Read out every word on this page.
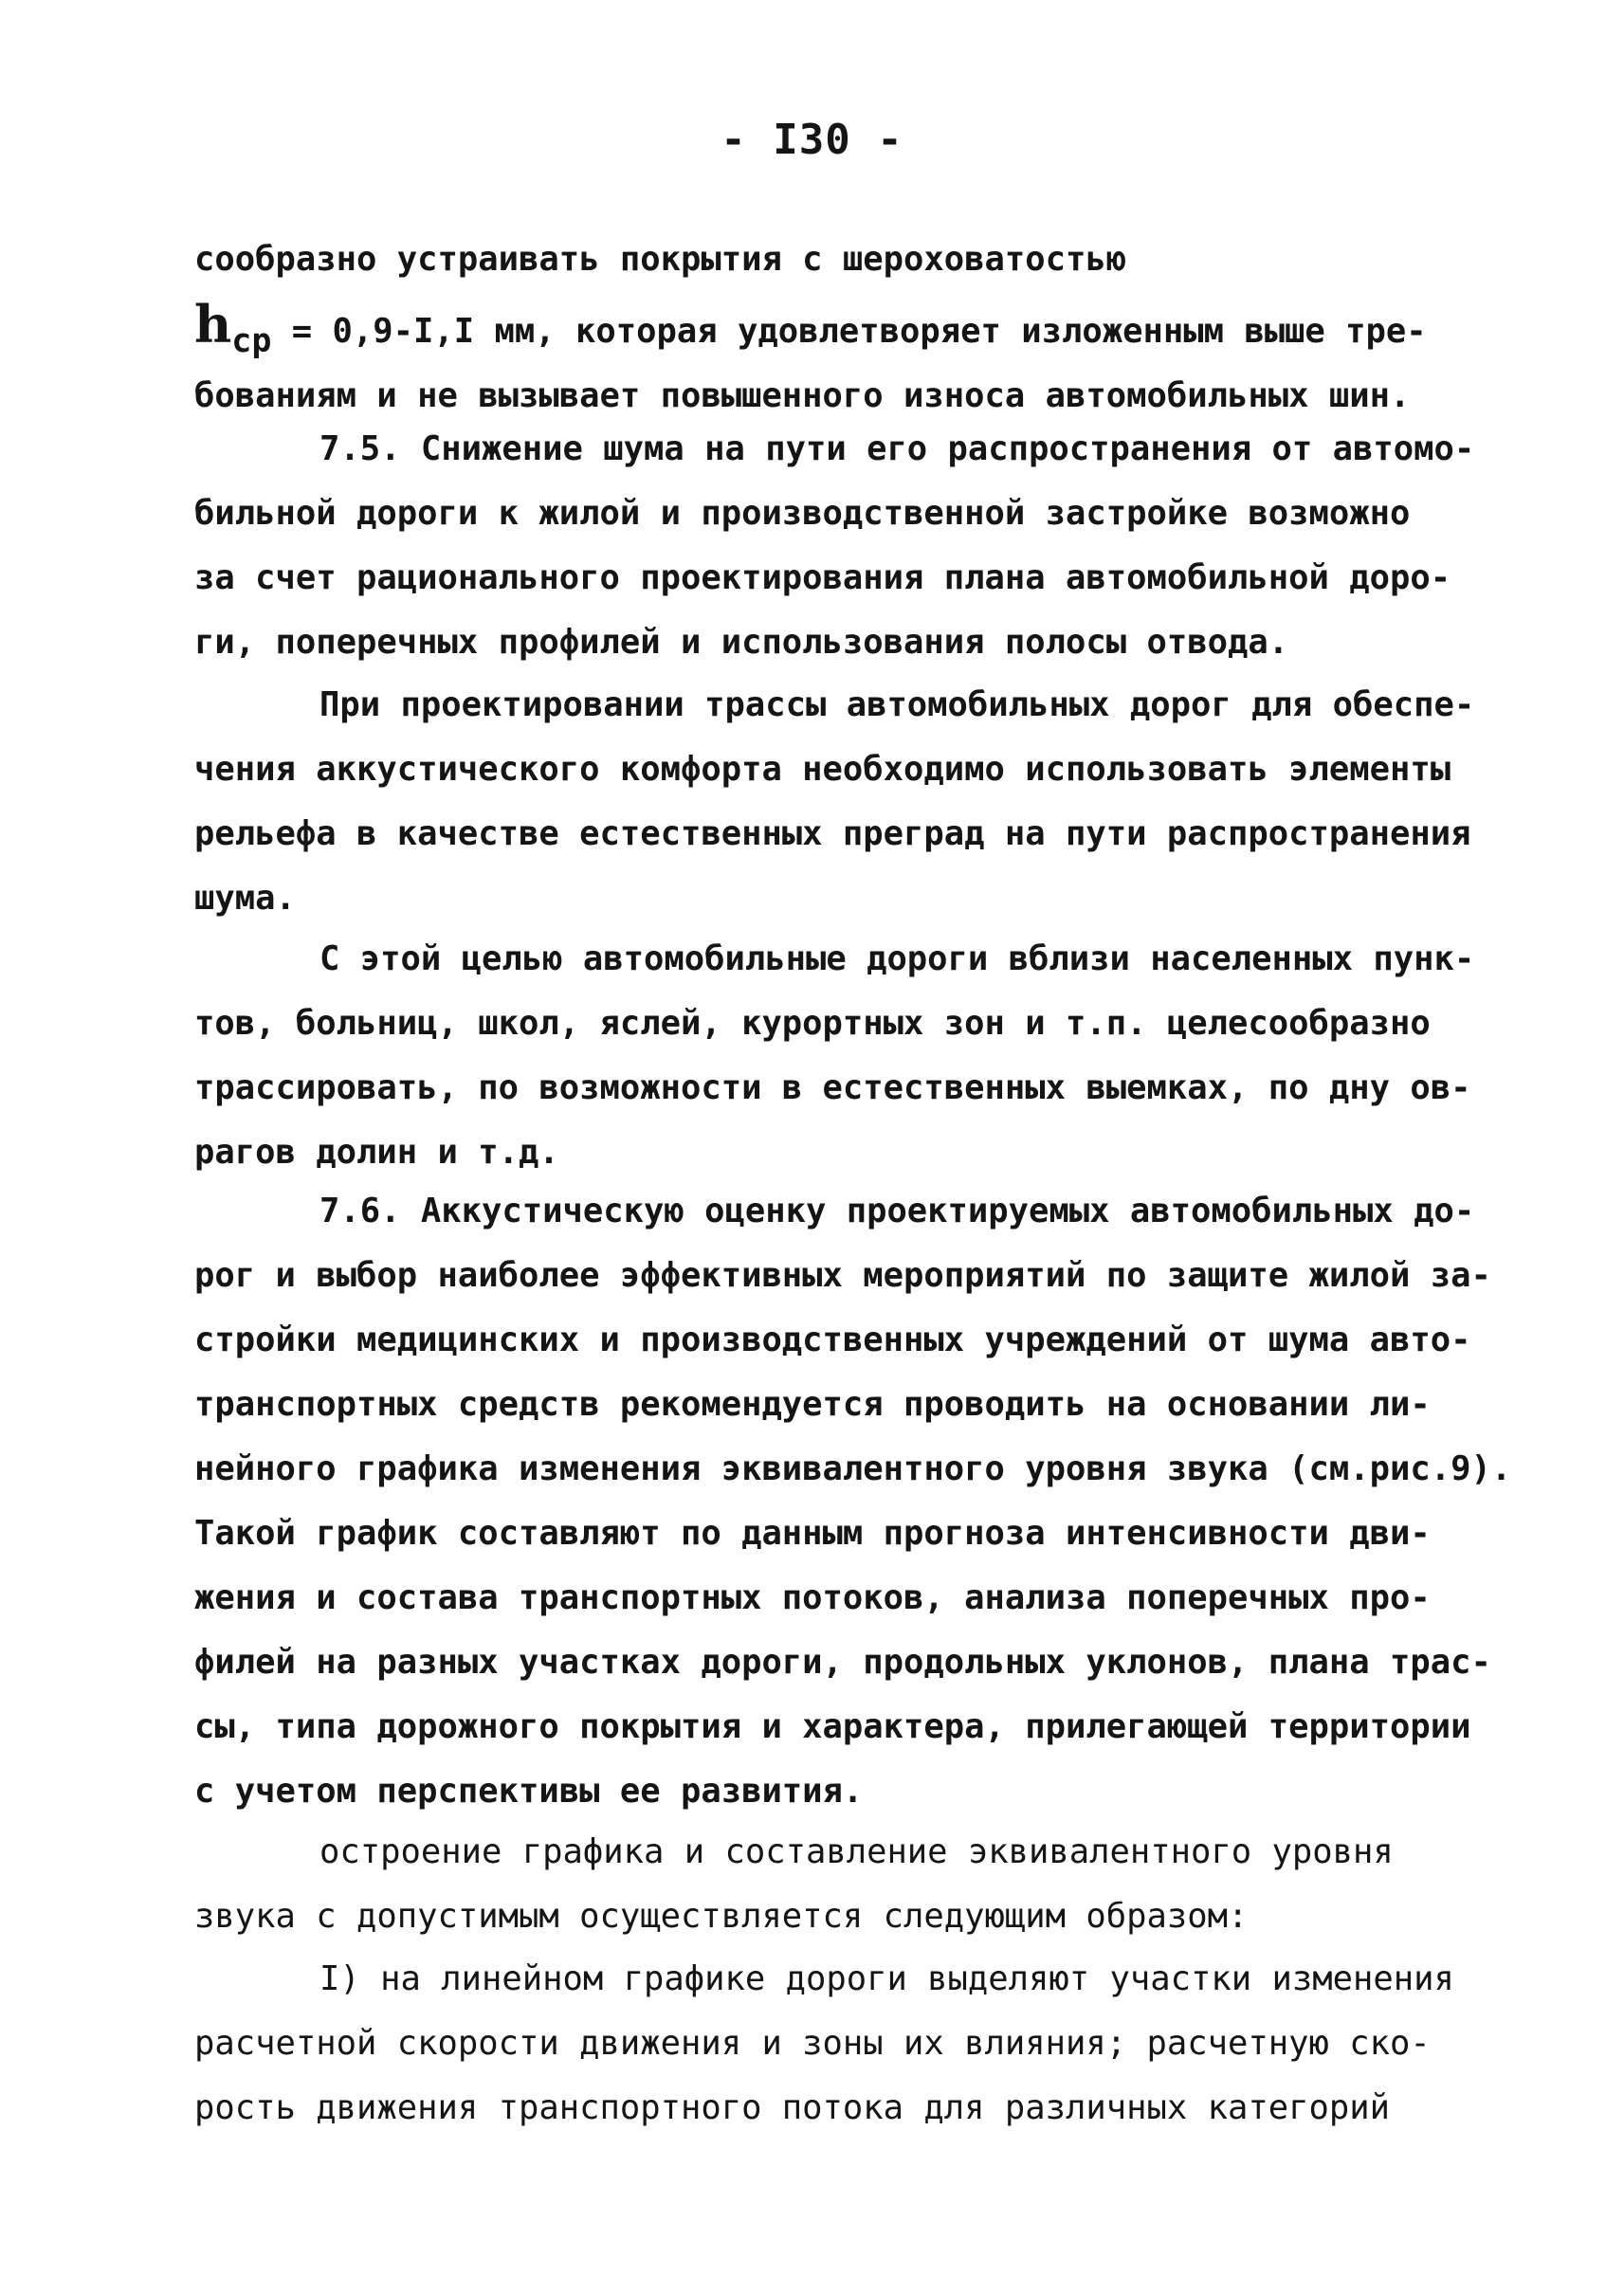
- I30 -
сообразно устраивать покрытия с шероховатостью
hср = 0,9-I,I мм, которая удовлетворяет изложенным выше тре-
бованиям и не вызывает повышенного износа автомобильных шин.
7.5. Снижение шума на пути его распространения от автомо-
бильной дороги к жилой и производственной застройке возможно
за счет рационального проектирования плана автомобильной доро-
ги, поперечных профилей и использования полосы отвода.
При проектировании трассы автомобильных дорог для обеспе-
чения аккустического комфорта необходимо использовать элементы
рельефа в качестве естественных преград на пути распространения
шума.
С этой целью автомобильные дороги вблизи населенных пунк-
тов, больниц, школ, яслей, курортных зон и т.п. целесообразно
трассировать, по возможности в естественных выемках, по дну ов-
рагов долин и т.д.
7.6. Аккустическую оценку проектируемых автомобильных до-
рог и выбор наиболее эффективных мероприятий по защите жилой за-
стройки медицинских и производственных учреждений от шума авто-
транспортных средств рекомендуется проводить на основании ли-
нейного графика изменения эквивалентного уровня звука (см.рис.9).
Такой график составляют по данным прогноза интенсивности дви-
жения и состава транспортных потоков, анализа поперечных про-
филей на разных участках дороги, продольных уклонов, плана трас-
сы, типа дорожного покрытия и характера, прилегающей территории
с учетом перспективы ее развития.
остроение графика и составление эквивалентного уровня
звука с допустимым осуществляется следующим образом:
I) на линейном графике дороги выделяют участки изменения
расчетной скорости движения и зоны их влияния; расчетную ско-
рость движения транспортного потока для различных категорий
